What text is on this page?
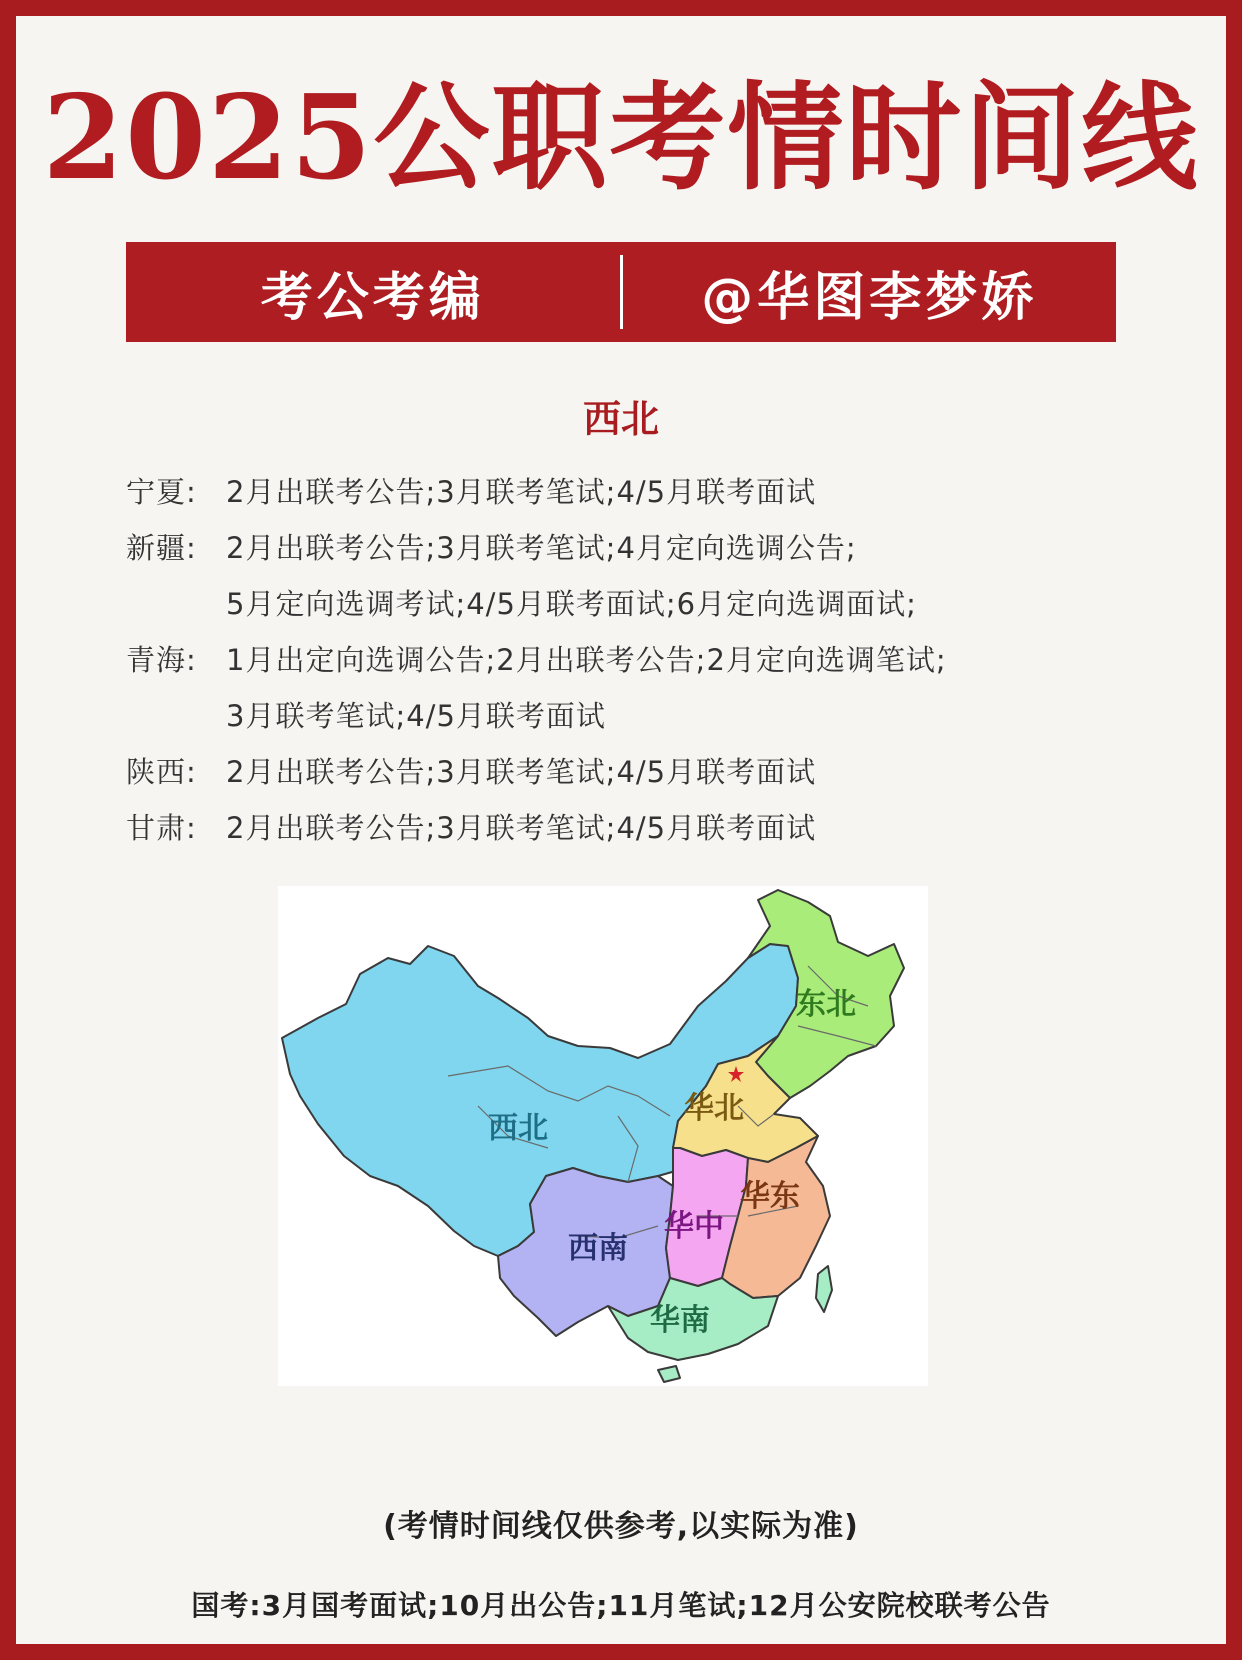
2025公职考情时间线
考公考编	@华图李梦娇
西北
宁夏:	2月出联考公告;3月联考笔试;4/5月联考面试
新疆:	2月出联考公告;3月联考笔试;4月定向选调公告;
5月定向选调考试;4/5月联考面试;6月定向选调面试;
青海:	1月出定向选调公告;2月出联考公告;2月定向选调笔试;
3月联考笔试;4/5月联考面试
陕西:	2月出联考公告;3月联考笔试;4/5月联考面试
甘肃:	2月出联考公告;3月联考笔试;4/5月联考面试
西北
东北
华北
华东
华中
西南
华南
(考情时间线仅供参考,以实际为准)
国考:3月国考面试;10月出公告;11月笔试;12月公安院校联考公告
